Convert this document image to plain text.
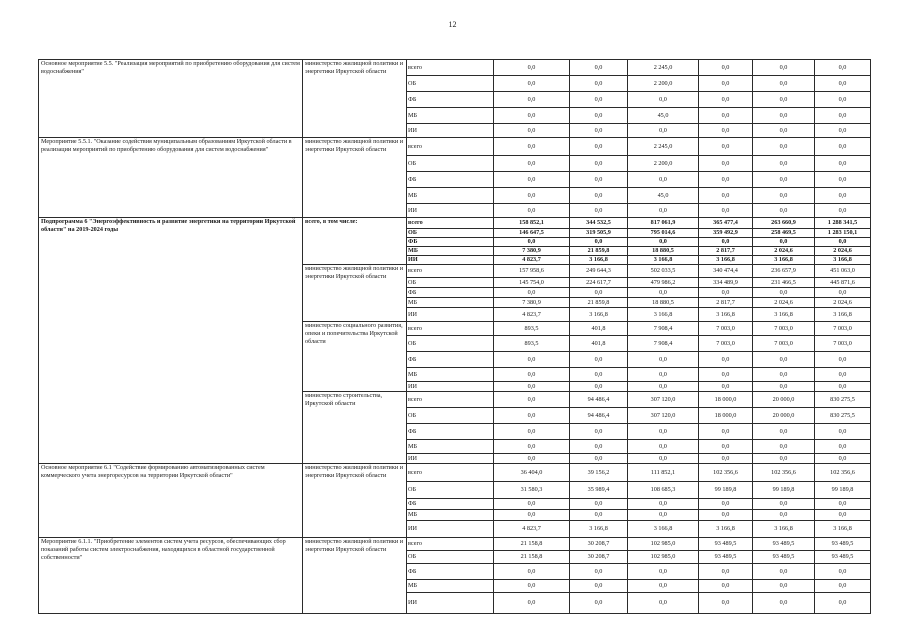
12
Основное мероприятие 5.5. "Реализация мероприятий по приобретению оборудования для систем водоснабжения"	министерство жилищной политики и энергетики Иркутской области	всего	0,0	0,0	2 245,0	0,0	0,0	0,0
		ОБ	0,0	0,0	2 200,0	0,0	0,0	0,0
		ФБ	0,0	0,0	0,0	0,0	0,0	0,0
		МБ	0,0	0,0	45,0	0,0	0,0	0,0
		ИИ	0,0	0,0	0,0	0,0	0,0	0,0
Мероприятие 5.5.1. "Оказание содействия муниципальным образованиям Иркутской области в реализации мероприятий по приобретению оборудования для систем водоснабжения"	министерство жилищной политики и энергетики Иркутской области	всего	0,0	0,0	2 245,0	0,0	0,0	0,0
		ОБ	0,0	0,0	2 200,0	0,0	0,0	0,0
		ФБ	0,0	0,0	0,0	0,0	0,0	0,0
		МБ	0,0	0,0	45,0	0,0	0,0	0,0
		ИИ	0,0	0,0	0,0	0,0	0,0	0,0
Подпрограмма 6 "Энергоэффективность и развитие энергетики на территории Иркутской области" на 2019-2024 годы	всего, в том числе:	всего	158 852,1	344 532,5	817 061,9	365 477,4	263 660,9	1 288 341,5
		ОБ	146 647,5	319 505,9	795 014,6	359 492,9	258 469,5	1 283 150,1
		ФБ	0,0	0,0	0,0	0,0	0,0	0,0
		МБ	7 380,9	21 859,8	18 880,5	2 817,7	2 024,6	2 024,6
		ИИ	4 823,7	3 166,8	3 166,8	3 166,8	3 166,8	3 166,8
	министерство жилищной политики и энергетики Иркутской области	всего	157 958,6	249 644,3	502 033,5	340 474,4	236 657,9	451 063,0
		ОБ	145 754,0	224 617,7	479 986,2	334 489,9	231 466,5	445 871,6
		ФБ	0,0	0,0	0,0	0,0	0,0	0,0
		МБ	7 380,9	21 859,8	18 880,5	2 817,7	2 024,6	2 024,6
		ИИ	4 823,7	3 166,8	3 166,8	3 166,8	3 166,8	3 166,8
	министерство социального развития, опеки и попечительства Иркутской области	всего	893,5	401,8	7 908,4	7 003,0	7 003,0	7 003,0
		ОБ	893,5	401,8	7 908,4	7 003,0	7 003,0	7 003,0
		ФБ	0,0	0,0	0,0	0,0	0,0	0,0
		МБ	0,0	0,0	0,0	0,0	0,0	0,0
		ИИ	0,0	0,0	0,0	0,0	0,0	0,0
	министерство строительства, Иркутской области	всего	0,0	94 486,4	307 120,0	18 000,0	20 000,0	830 275,5
		ОБ	0,0	94 486,4	307 120,0	18 000,0	20 000,0	830 275,5
		ФБ	0,0	0,0	0,0	0,0	0,0	0,0
		МБ	0,0	0,0	0,0	0,0	0,0	0,0
		ИИ	0,0	0,0	0,0	0,0	0,0	0,0
Основное мероприятие 6.1 "Содействие формированию автоматизированных систем коммерческого учета энергоресурсов на территории Иркутской области"	министерство жилищной политики и энергетики Иркутской области	всего	36 404,0	39 156,2	111 852,1	102 356,6	102 356,6	102 356,6
		ОБ	31 580,3	35 989,4	108 685,3	99 189,8	99 189,8	99 189,8
		ФБ	0,0	0,0	0,0	0,0	0,0	0,0
		МБ	0,0	0,0	0,0	0,0	0,0	0,0
		ИИ	4 823,7	3 166,8	3 166,8	3 166,8	3 166,8	3 166,8
Мероприятие 6.1.1. "Приобретение элементов систем учета ресурсов, обеспечивающих сбор показаний работы систем электроснабжения, находящихся в областной государственной собственности"	министерство жилищной политики и энергетики Иркутской области	всего	21 158,8	30 208,7	102 985,0	93 489,5	93 489,5	93 489,5
		ОБ	21 158,8	30 208,7	102 985,0	93 489,5	93 489,5	93 489,5
		ФБ	0,0	0,0	0,0	0,0	0,0	0,0
		МБ	0,0	0,0	0,0	0,0	0,0	0,0
		ИИ	0,0	0,0	0,0	0,0	0,0	0,0
